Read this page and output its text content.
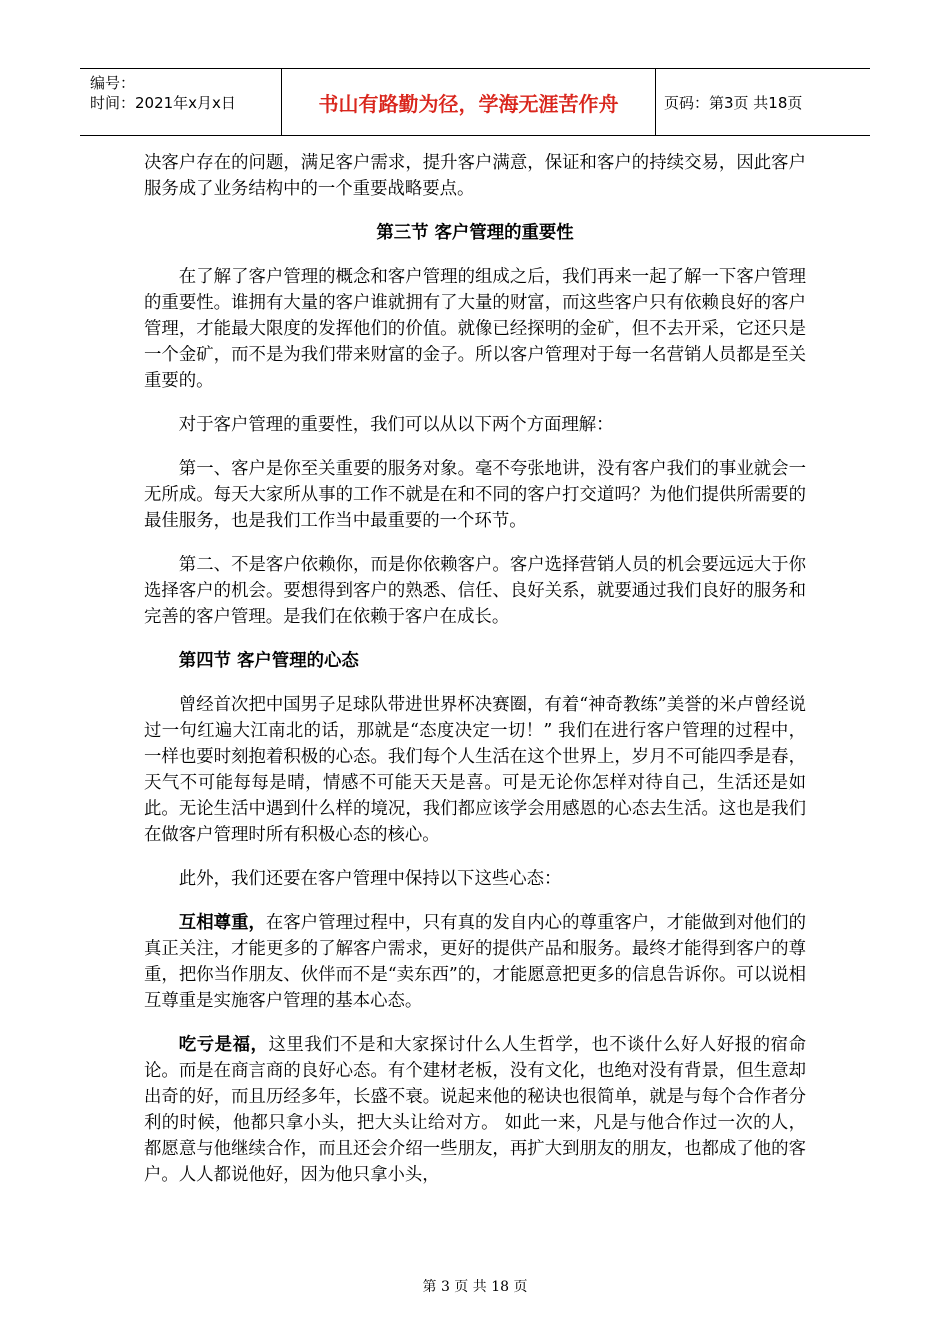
编号：
时间：2021年x月x日	书山有路勤为径，学海无涯苦作舟	页码：第3页 共18页

决客户存在的问题，满足客户需求，提升客户满意，保证和客户的持续交易，因此客户服务成了业务结构中的一个重要战略要点。

第三节 客户管理的重要性

在了解了客户管理的概念和客户管理的组成之后，我们再来一起了解一下客户管理的重要性。谁拥有大量的客户谁就拥有了大量的财富，而这些客户只有依赖良好的客户管理，才能最大限度的发挥他们的价值。就像已经探明的金矿，但不去开采，它还只是一个金矿，而不是为我们带来财富的金子。所以客户管理对于每一名营销人员都是至关重要的。

对于客户管理的重要性，我们可以从以下两个方面理解：

第一、客户是你至关重要的服务对象。毫不夸张地讲，没有客户我们的事业就会一无所成。每天大家所从事的工作不就是在和不同的客户打交道吗？为他们提供所需要的最佳服务，也是我们工作当中最重要的一个环节。

第二、不是客户依赖你，而是你依赖客户。客户选择营销人员的机会要远远大于你选择客户的机会。要想得到客户的熟悉、信任、良好关系，就要通过我们良好的服务和完善的客户管理。是我们在依赖于客户在成长。

第四节 客户管理的心态

曾经首次把中国男子足球队带进世界杯决赛圈，有着“神奇教练”美誉的米卢曾经说过一句红遍大江南北的话，那就是“态度决定一切！” 我们在进行客户管理的过程中，一样也要时刻抱着积极的心态。我们每个人生活在这个世界上，岁月不可能四季是春，天气不可能每每是晴，情感不可能天天是喜。可是无论你怎样对待自己，生活还是如此。无论生活中遇到什么样的境况，我们都应该学会用感恩的心态去生活。这也是我们在做客户管理时所有积极心态的核心。

此外，我们还要在客户管理中保持以下这些心态：

互相尊重，在客户管理过程中，只有真的发自内心的尊重客户，才能做到对他们的真正关注，才能更多的了解客户需求，更好的提供产品和服务。最终才能得到客户的尊重，把你当作朋友、伙伴而不是“卖东西”的，才能愿意把更多的信息告诉你。可以说相互尊重是实施客户管理的基本心态。

吃亏是福，这里我们不是和大家探讨什么人生哲学，也不谈什么好人好报的宿命论。而是在商言商的良好心态。有个建材老板，没有文化，也绝对没有背景，但生意却出奇的好，而且历经多年，长盛不衰。说起来他的秘诀也很简单，就是与每个合作者分利的时候，他都只拿小头，把大头让给对方。 如此一来，凡是与他合作过一次的人，都愿意与他继续合作，而且还会介绍一些朋友，再扩大到朋友的朋友，也都成了他的客户。人人都说他好，因为他只拿小头，

第 3 页 共 18 页
